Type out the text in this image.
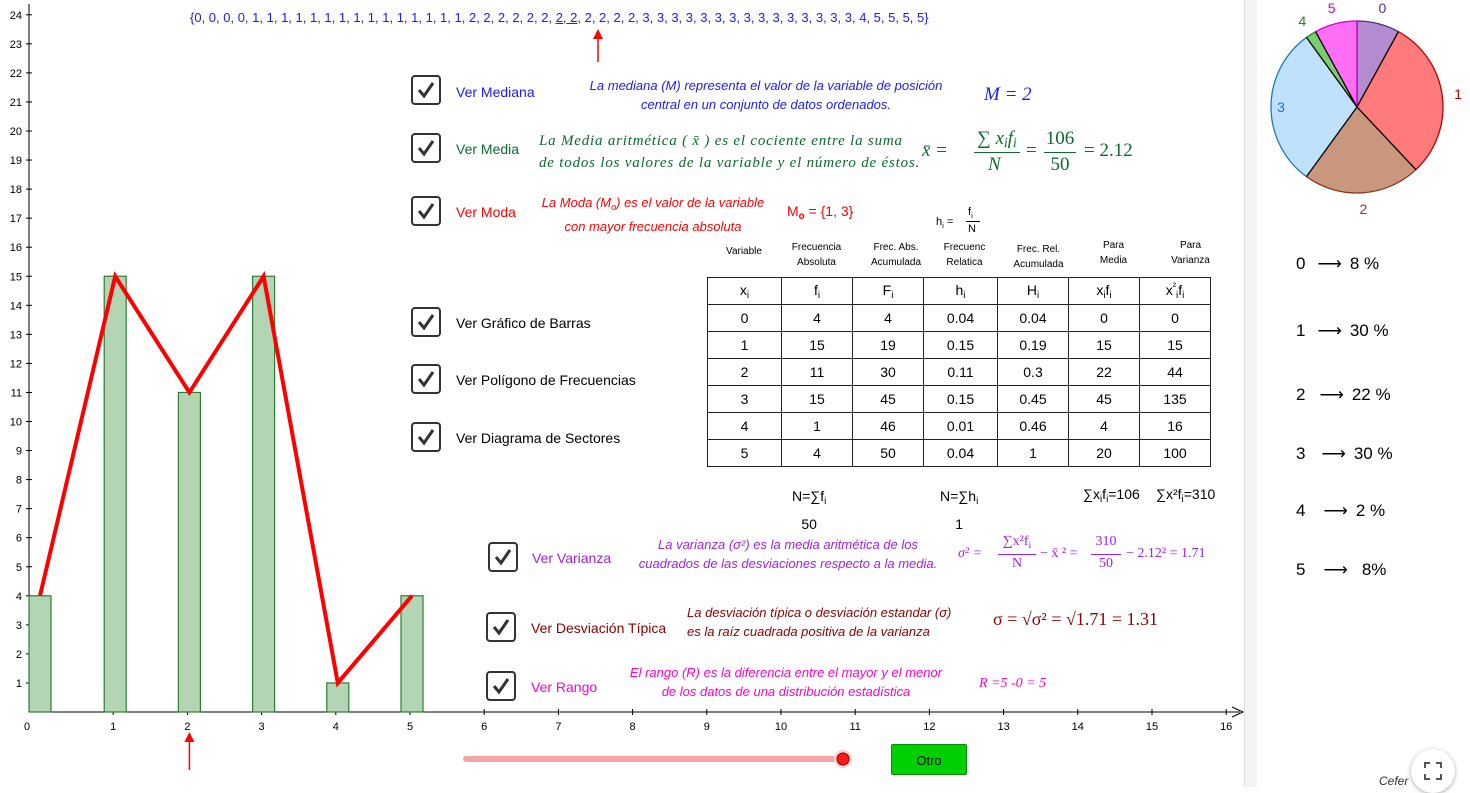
1
2
3
4
5
6
7
8
9
10
11
12
13
14
15
16
17
18
19
20
21
22
23
24
0	1	2	3	4	5	6	7	8	9	10	11	12	13	14	15	16
0
1
2
3
4
5
{0, 0, 0, 0, 1, 1, 1, 1, 1, 1, 1, 1, 1, 1, 1, 1, 1, 1, 1, 2, 2, 2, 2, 2, 2, 2, 2, 2, 2, 2, 2, 3, 3, 3, 3, 3, 3, 3, 3, 3, 3, 3, 3, 3, 3, 3, 4, 5, 5, 5, 5}
Ver Mediana	La mediana (M) representa el valor de la variable de posición
central en un conjunto de datos ordenados.	M = 2
Ver Media La Media aritmética ( x̄ ) es el cociente entre la suma
de todos los valores de la variable y el número de éstos.
x̄ =
∑ $x_if_i$
N
=
106
50
= 2.12
Ver Moda
La Moda $(M_o)$ es el valor de la variable
con mayor frecuencia absoluta
$M_o = \{1$, 3}
Ver Gráfico de Barras
Ver Polígono de Frecuencias
Ver Diagrama de Sectores
Ver Varianza
La varianza (σ²) es la media aritmética de los
cuadrados de las desviaciones respecto a la media.
σ² =
$\sum x^2f_i$
N
− x̄ ² =
310
50
− 2.12² = 1.71
Ver Desviación Típica
La desviación típica o desviación estandar (σ)
es la raíz cuadrada positiva de la varianza
σ = √σ² = √1.71 = 1.31
Ver Rango
El rango (R) es la diferencia entre el mayor y el menor
de los datos de una distribución estadística
R =5 -0 = 5
$h_i$ =
$f_i$
N
Variable	Frecuencia
Absoluta
Frec. Abs.
Acumulada
Frecuenc
Relatica
Frec. Rel.
Acumulada
Para
Media
Para
Varianza
$x_i$	$f_i$	$F_i$	$h_i$	$H_i$	$x_if_i$	$x^{^2}_if_i$
0	4	4	0.04	0.04	0	0
1	15	19	0.15	0.19	15	15
2	11	30	0.11	0.3	22	44
3	15	45	0.15	0.45	45	135
4	1	46	0.01	0.46	4	16
5	4	50	0.04	1	20	100
$N=\sum f_i$
50
$N=\sum h_i$
1
$\sum x_if_i=106$ $\sum x^2f_i=310$
0 ⟶ 8 %
1 ⟶ 30 %
2 ⟶ 22 %
3 ⟶ 30 %
4 ⟶ 2 %
5 ⟶ 8%
Otro
Cefer
